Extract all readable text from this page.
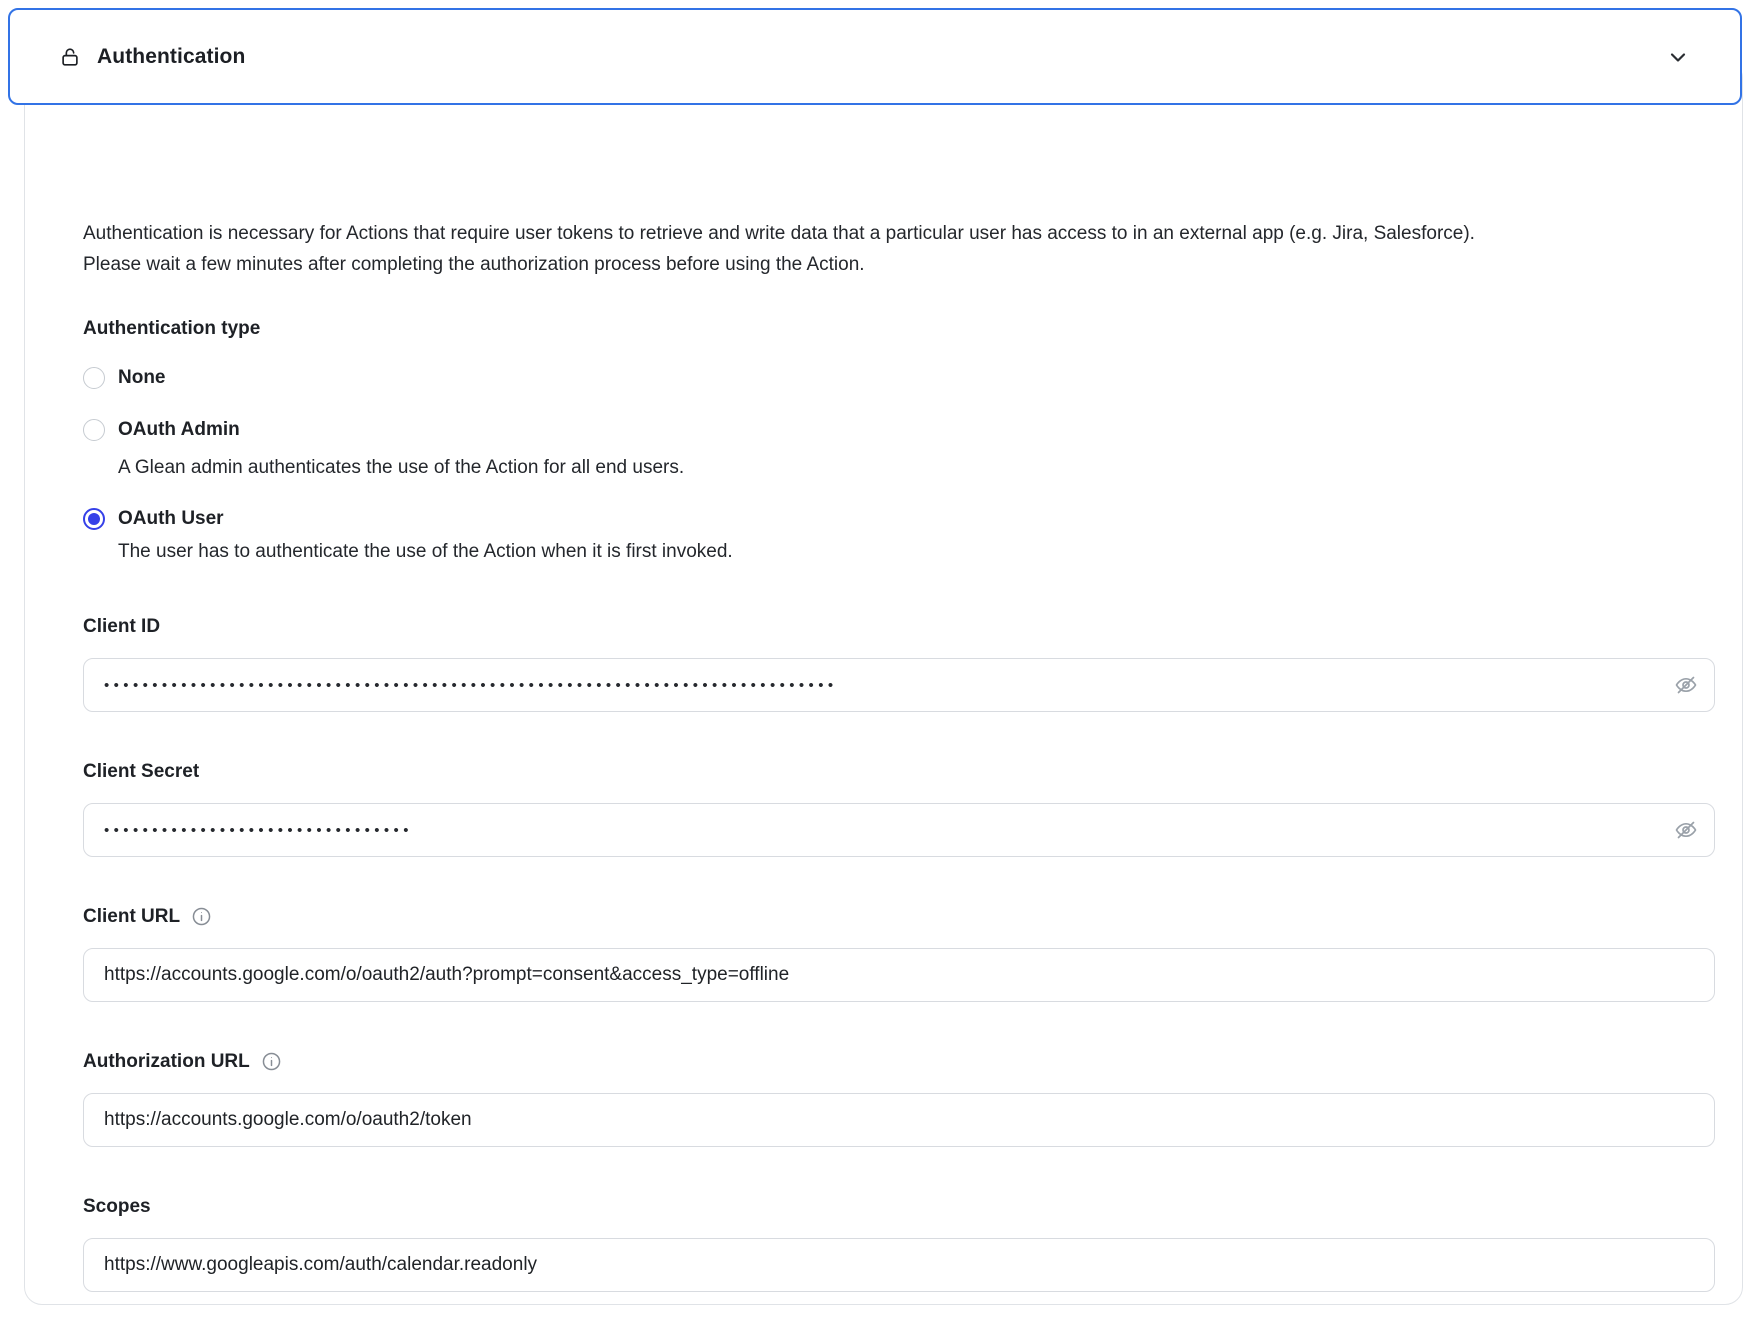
Authentication is necessary for Actions that require user tokens to retrieve and write data that a particular user has access to in an external app (e.g. Jira, Salesforce). Please wait a few minutes after completing the authorization process before using the Action.

Authentication type
None
OAuth Admin
A Glean admin authenticates the use of the Action for all end users.
OAuth User
The user has to authenticate the use of the Action when it is first invoked.
Client ID
••••••••••••••••••••••••••••••••••••••••••••••••••••••••••••••••••••••••••••
Client Secret
••••••••••••••••••••••••••••••••
Client URL
https://accounts.google.com/o/oauth2/auth?prompt=consent&access_type=offline
Authorization URL
https://accounts.google.com/o/oauth2/token
Scopes
https://www.googleapis.com/auth/calendar.readonly
Authentication
